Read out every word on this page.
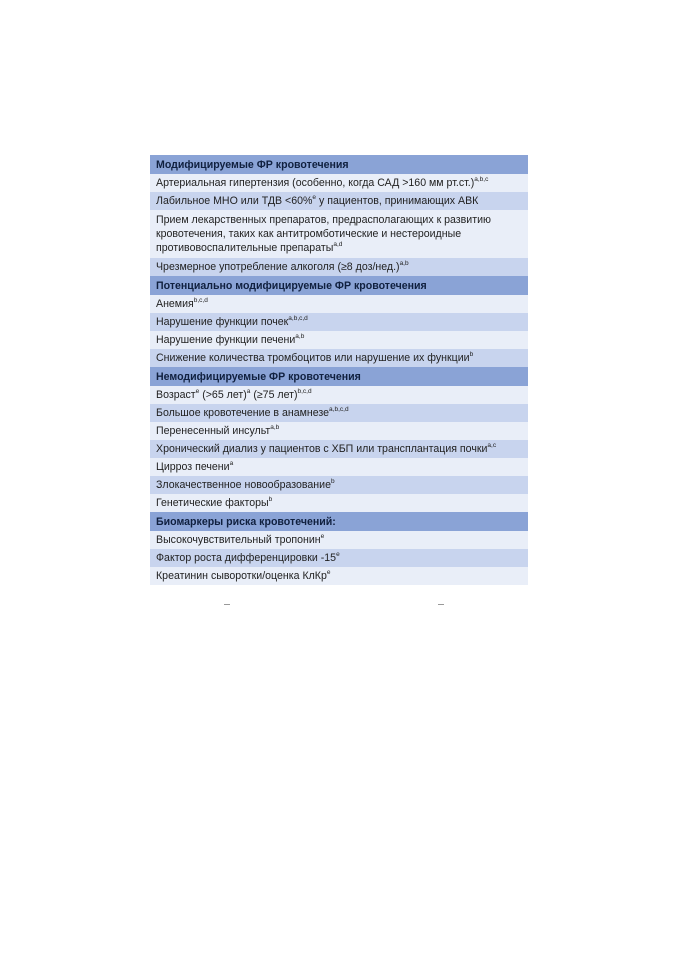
Модифицируемые ФР кровотечения
Артериальная гипертензия (особенно, когда САД >160 мм рт.ст.)$^{a,b,c}$
Лабильное МНО или ТДВ <60%$^e$ у пациентов, принимающих АВК
Прием лекарственных препаратов, предрасполагающих к развитию кровотечения, таких как антитромботические и нестероидные противовоспалительные препараты$^{a,d}$
Чрезмерное употребление алкоголя (≥8 доз/нед.)$^{a,b}$
Потенциально модифицируемые ФР кровотечения
Анемия$^{b,c,d}$
Нарушение функции почек$^{a,b,c,d}$
Нарушение функции печени$^{a,b}$
Снижение количества тромбоцитов или нарушение их функции$^b$
Немодифицируемые ФР кровотечения
Возраст$^e$ (>65 лет)$^a$ (≥75 лет)$^{b,c,d}$
Большое кровотечение в анамнезе$^{a,b,c,d}$
Перенесенный инсульт$^{a,b}$
Хронический диализ у пациентов с ХБП или трансплантация почки$^{a,c}$
Цирроз печени$^a$
Злокачественное новообразование$^b$
Генетические факторы$^b$
Биомаркеры риска кровотечений:
Высокочувствительный тропонин$^e$
Фактор роста дифференцировки -15e
Креатинин сыворотки/оценка КлКр$^e$
